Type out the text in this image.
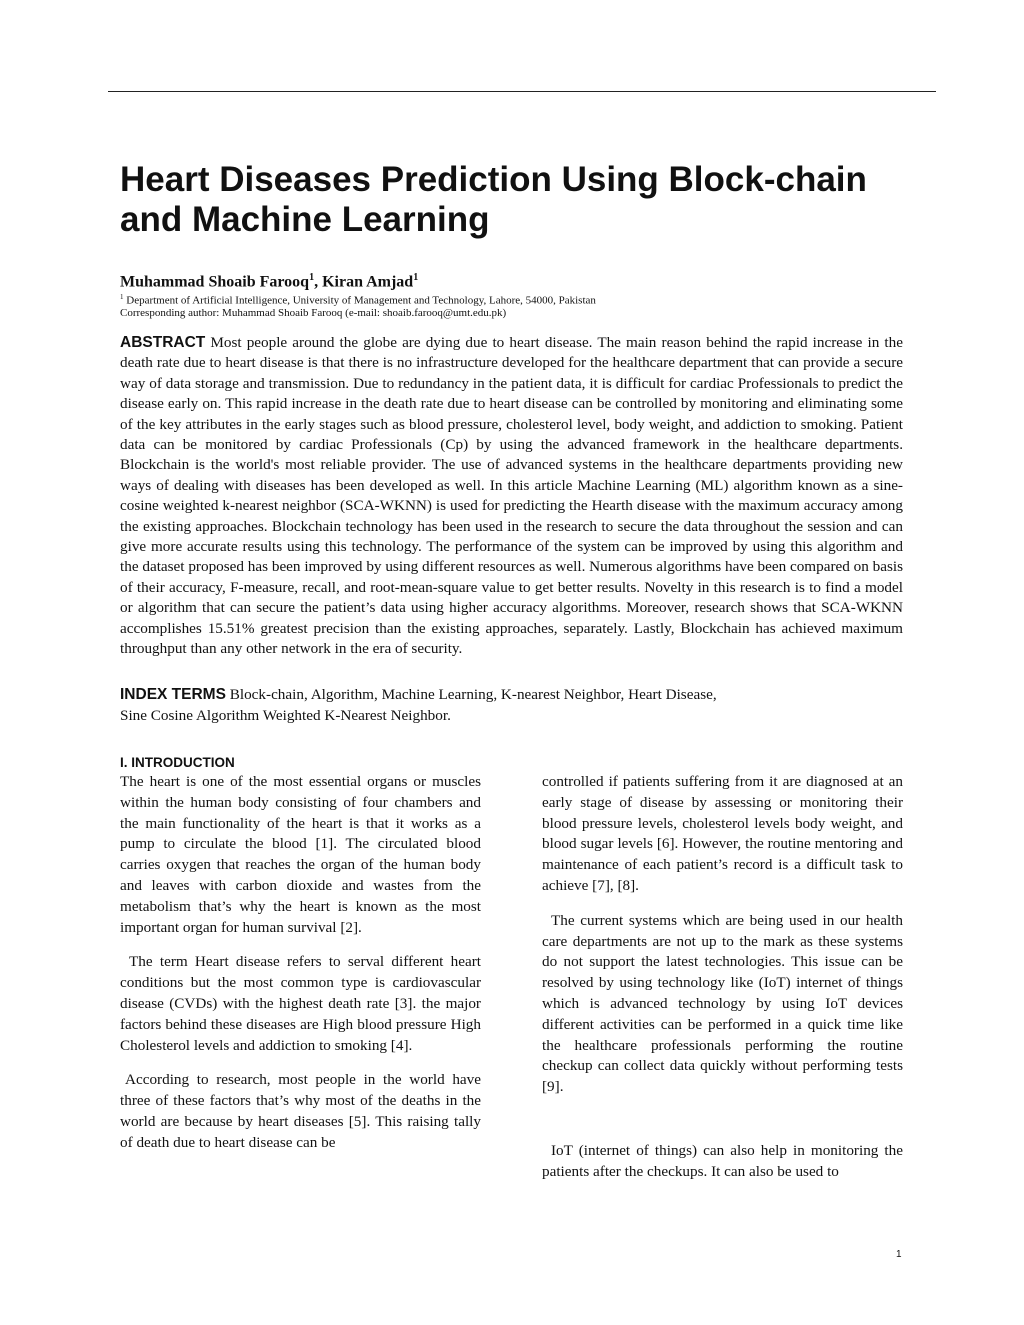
Heart Diseases Prediction Using Block-chain and Machine Learning
Muhammad Shoaib Farooq$^1$, Kiran Amjad$^1$
$^1$ Department of Artificial Intelligence, University of Management and Technology, Lahore, 54000, Pakistan
Corresponding author: Muhammad Shoaib Farooq (e-mail: shoaib.farooq@umt.edu.pk)

ABSTRACT Most people around the globe are dying due to heart disease. The main reason behind the rapid increase in the death rate due to heart disease is that there is no infrastructure developed for the healthcare department that can provide a secure way of data storage and transmission. Due to redundancy in the patient data, it is difficult for cardiac Professionals to predict the disease early on. This rapid increase in the death rate due to heart disease can be controlled by monitoring and eliminating some of the key attributes in the early stages such as blood pressure, cholesterol level, body weight, and addiction to smoking. Patient data can be monitored by cardiac Professionals (Cp) by using the advanced framework in the healthcare departments. Blockchain is the world's most reliable provider. The use of advanced systems in the healthcare departments providing new ways of dealing with diseases has been developed as well. In this article Machine Learning (ML) algorithm known as a sine-cosine weighted k-nearest neighbor (SCA-WKNN) is used for predicting the Hearth disease with the maximum accuracy among the existing approaches. Blockchain technology has been used in the research to secure the data throughout the session and can give more accurate results using this technology. The performance of the system can be improved by using this algorithm and the dataset proposed has been improved by using different resources as well. Numerous algorithms have been compared on basis of their accuracy, F-measure, recall, and root-mean-square value to get better results. Novelty in this research is to find a model or algorithm that can secure the patient’s data using higher accuracy algorithms. Moreover, research shows that SCA-WKNN accomplishes 15.51% greatest precision than the existing approaches, separately. Lastly, Blockchain has achieved maximum throughput than any other network in the era of security.

INDEX TERMS Block-chain, Algorithm, Machine Learning, K-nearest Neighbor, Heart Disease,
Sine Cosine Algorithm Weighted K-Nearest Neighbor.

I. INTRODUCTION

The heart is one of the most essential organs or muscles within the human body consisting of four chambers and the main functionality of the heart is that it works as a pump to circulate the blood [1]. The circulated blood carries oxygen that reaches the organ of the human body and leaves with carbon dioxide and wastes from the metabolism that’s why the heart is known as the most important organ for human survival [2].

The term Heart disease refers to serval different heart conditions but the most common type is cardiovascular disease (CVDs) with the highest death rate [3]. the major factors behind these diseases are High blood pressure High Cholesterol levels and addiction to smoking [4].

According to research, most people in the world have three of these factors that’s why most of the deaths in the world are because by heart diseases [5]. This raising tally of death due to heart disease can be

controlled if patients suffering from it are diagnosed at an early stage of disease by assessing or monitoring their blood pressure levels, cholesterol levels body weight, and blood sugar levels [6]. However, the routine mentoring and maintenance of each patient’s record is a difficult task to achieve [7], [8].

The current systems which are being used in our health care departments are not up to the mark as these systems do not support the latest technologies. This issue can be resolved by using technology like (IoT) internet of things which is advanced technology by using IoT devices different activities can be performed in a quick time like the healthcare professionals performing the routine checkup can collect data quickly without performing tests [9].

IoT (internet of things) can also help in monitoring the patients after the checkups. It can also be used to

1
